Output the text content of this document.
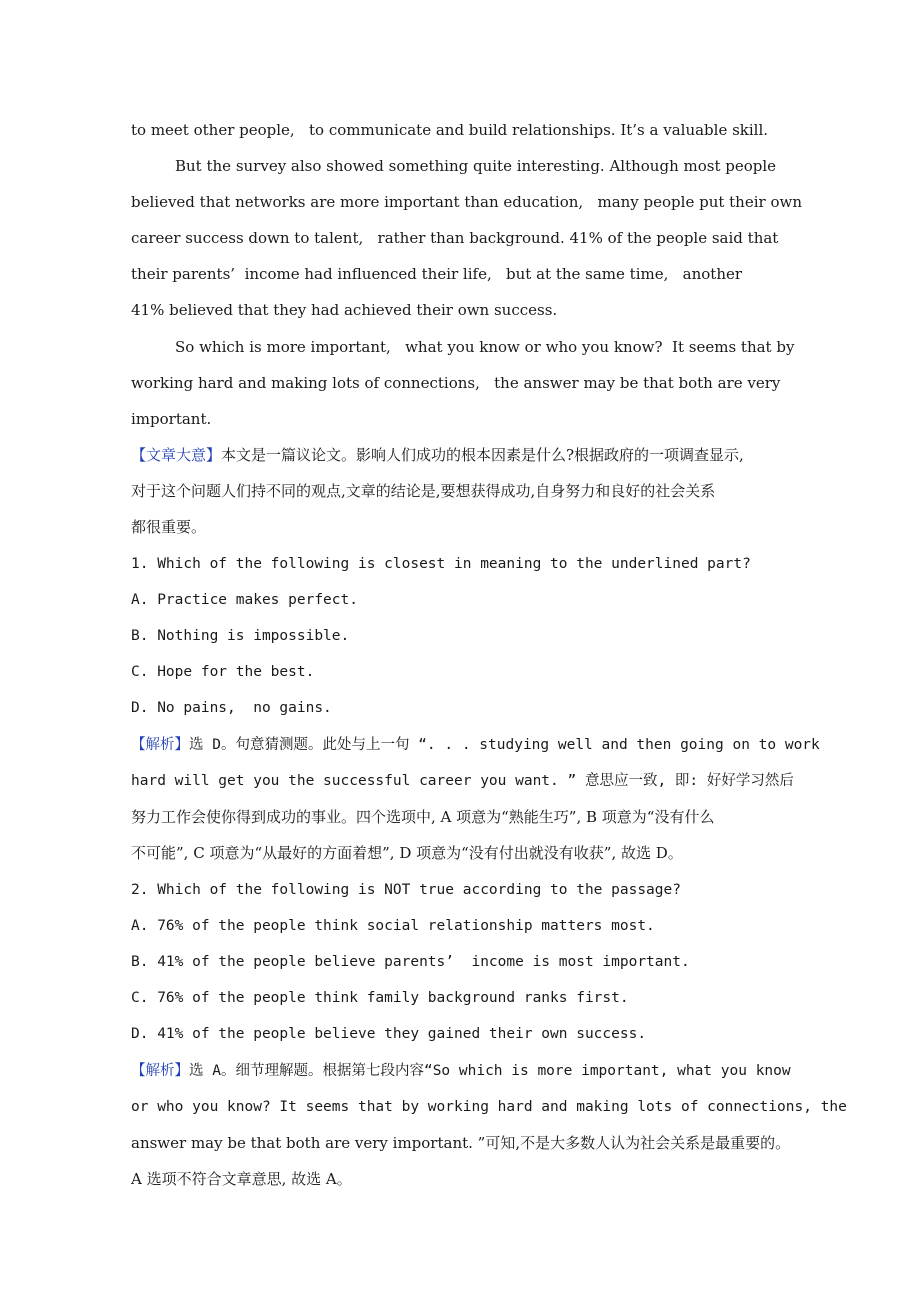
to meet other people,   to communicate and build relationships. It’s a valuable skill.
But the survey also showed something quite interesting. Although most people
believed that networks are more important than education,   many people put their own
career success down to talent,   rather than background. 41% of the people said that
their parents’  income had influenced their life,   but at the same time,   another
41% believed that they had achieved their own success.
So which is more important,   what you know or who you know?  It seems that by
working hard and making lots of connections,   the answer may be that both are very
important.
【文章大意】本文是一篇议论文。影响人们成功的根本因素是什么?根据政府的一项调查显示,
对于这个问题人们持不同的观点,文章的结论是,要想获得成功,自身努力和良好的社会关系
都很重要。
1. Which of the following is closest in meaning to the underlined part?
A. Practice makes perfect.
B. Nothing is impossible.
C. Hope for the best.
D. No pains,  no gains.
【解析】选 D。句意猜测题。此处与上一句 “. . . studying well and then going on to work
hard will get you the successful career you want. ” 意思应一致, 即: 好好学习然后
努力工作会使你得到成功的事业。四个选项中, A 项意为“熟能生巧”, B 项意为“没有什么
不可能”, C 项意为“从最好的方面着想”, D 项意为“没有付出就没有收获”, 故选 D。
2. Which of the following is NOT true according to the passage?
A. 76% of the people think social relationship matters most.
B. 41% of the people believe parents’  income is most important.
C. 76% of the people think family background ranks first.
D. 41% of the people believe they gained their own success.
【解析】选 A。细节理解题。根据第七段内容“So which is more important, what you know
or who you know? It seems that by working hard and making lots of connections, the
answer may be that both are very important. ”可知,不是大多数人认为社会关系是最重要的。
A 选项不符合文章意思, 故选 A。
